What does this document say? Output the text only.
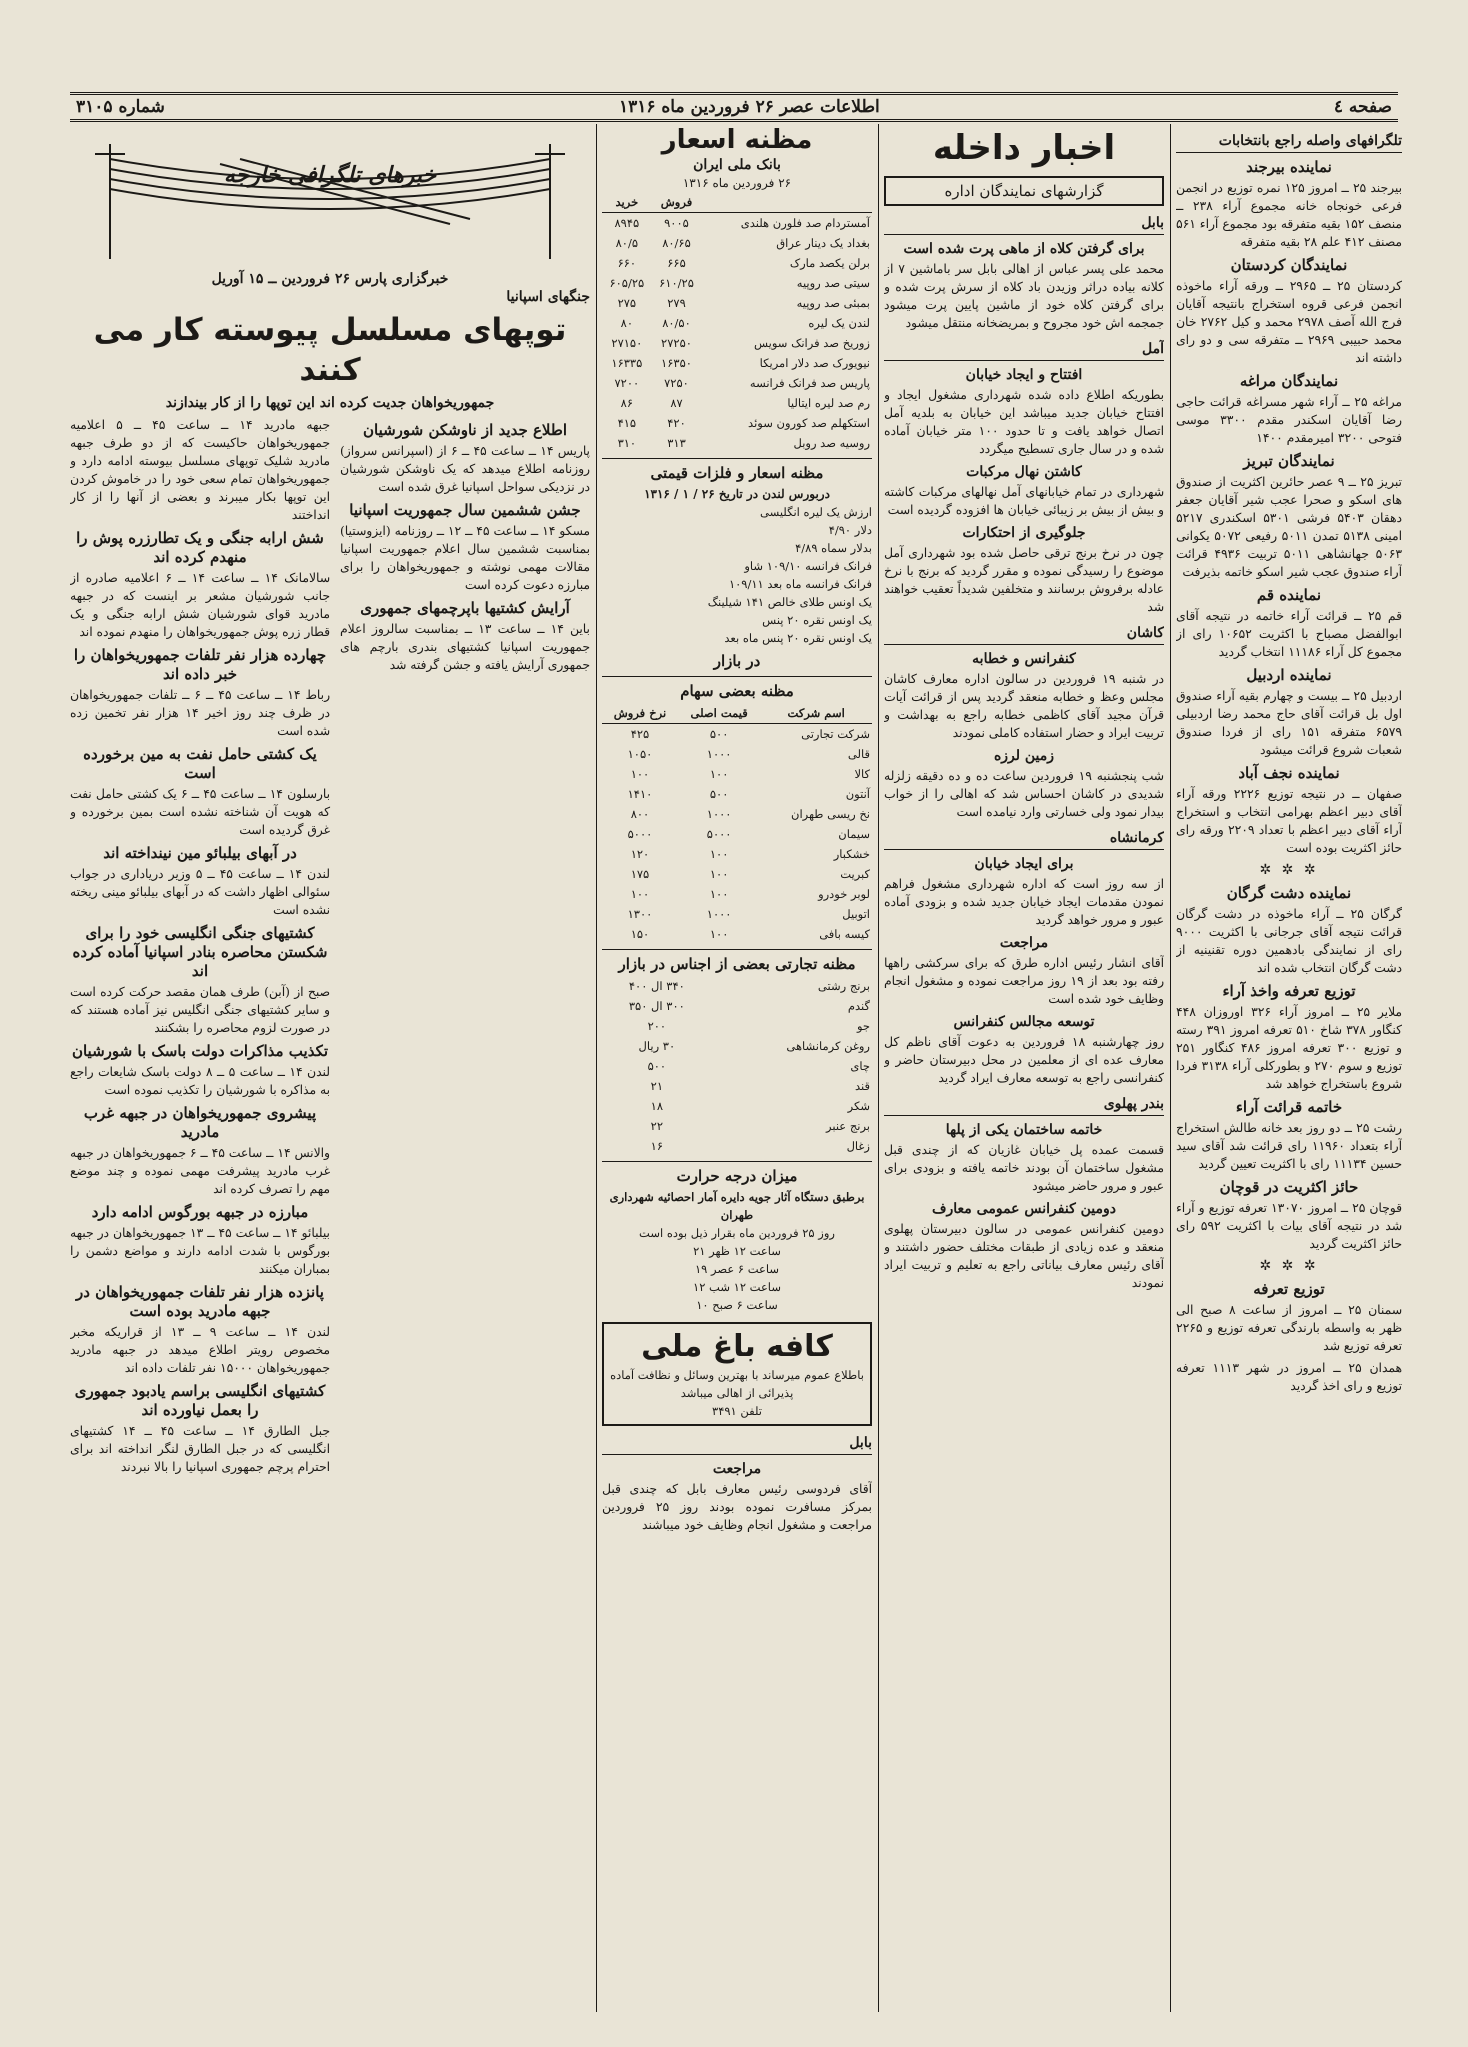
صفحه ٤
اطلاعات عصر ۲۶ فروردین ماه ۱۳۱۶
شماره ۳۱۰۵
تلگرافهای واصله راجع بانتخابات
نماینده بیرجند

بیرجند ۲۵ ــ امروز ۱۲۵ نمره توزیع در انجمن فرعی خونجاه خانه مجموع آراء ۲۳۸ ــ منصف ۱۵۲ بقیه متفرقه بود مجموع آراء ۵۶۱ مصنف ۴۱۲ علم ۲۸ بقیه متفرقه

نمایندگان کردستان

کردستان ۲۵ ــ ۲۹۶۵ ــ ورقه آراء ماخوذه انجمن فرعی قروه استخراج بانتیجه آقایان فرج الله آصف ۲۹۷۸ محمد و کیل ۲۷۶۲ خان محمد حبیبی ۲۹۶۹ ــ متفرقه سی و دو رای داشته اند

نمایندگان مراغه

مراغه ۲۵ ــ آراء شهر مسراغه قرائت حاجی رضا آقایان اسکندر مقدم ۳۳۰۰ موسی فتوحی ۳۲۰۰ امیرمقدم ۱۴۰۰

نمایندگان تبریز

تبریز ۲۵ ــ ۹ عصر حائرین اکثریت از صندوق های اسکو و صحرا عجب شیر آقایان جعفر دهقان ۵۴۰۳ فرشی ۵۳۰۱ اسکندری ۵۲۱۷ امینی ۵۱۳۸ تمدن ۵۰۱۱ رفیعی ۵۰۷۲ یکوانی ۵۰۶۳ جهانشاهی ۵۰۱۱ تربیت ۴۹۳۶ قرائت آراء صندوق عجب شیر اسکو خاتمه بذیرفت

نماینده قم

قم ۲۵ ــ قرائت آراء خاتمه در نتیجه آقای ابوالفضل مصباح با اکثریت ۱۰۶۵۲ رای از مجموع کل آراء ۱۱۱۸۶ انتخاب گردید

نماینده اردبیل

اردبیل ۲۵ ــ بیست و چهارم بقیه آراء صندوق اول بل قرائت آقای حاج محمد رضا اردبیلی ۶۵۷۹ متفرقه ۱۵۱ رای از فردا صندوق شعبات شروع قرائت میشود

نماینده نجف آباد

صفهان ــ در نتیجه توزیع ۲۲۲۶ ورقه آراء آقای دبیر اعظم بهرامی انتخاب و استخراج آراء آقای دبیر اعظم با تعداد ۲۲۰۹ ورقه رای حائز اکثریت بوده است

✲ ✲ ✲
نماینده دشت گرگان

گرگان ۲۵ ــ آراء ماخوذه در دشت گرگان قرائت نتیجه آقای جرجانی با اکثریت ۹۰۰۰ رای از نمایندگی بادهمین دوره تقنینیه از دشت گرگان انتخاب شده اند

توزیع تعرفه واخذ آراء

ملایر ۲۵ ــ امروز آراء ۳۲۶ اوروزان ۴۴۸ کنگاور ۳۷۸ شاخ ۵۱۰ تعرفه امروز ۳۹۱ رسته و توزیع ۳۰۰ تعرفه امروز ۴۸۶ کنگاور ۲۵۱ توزیع و سوم ۲۷۰ و بطورکلی آراء ۳۱۳۸ فردا شروع باستخراج خواهد شد

خاتمه قرائت آراء

رشت ۲۵ ــ دو روز بعد خانه طالش استخراج آراء بتعداد ۱۱۹۶۰ رای قرائت شد آقای سید حسین ۱۱۱۳۴ رای با اکثریت تعیین گردید

حائز اکثریت در قوچان

قوچان ۲۵ ــ امروز ۱۳۰۷۰ تعرفه توزیع و آراء شد در نتیجه آقای بیات با اکثریت ۵۹۲ رای حائز اکثریت گردید

✲ ✲ ✲
توزیع تعرفه

سمنان ۲۵ ــ امروز از ساعت ۸ صبح الی ظهر به واسطه بارندگی تعرفه توزیع و ۲۲۶۵ تعرفه توزیع شد

همدان ۲۵ ــ امروز در شهر ۱۱۱۳ تعرفه توزیع و رای اخذ گردید

اخبار داخله
گزارشهای نمایندگان اداره
بابل
برای گرفتن کلاه از ماهی پرت شده است

محمد علی پسر عباس از اهالی بابل سر باماشین ۷ از کلانه بیاده دراثر وزیدن باد کلاه از سرش پرت شده و برای گرفتن کلاه خود از ماشین پایین پرت میشود جمجمه اش خود مجروح و بمریضخانه منتقل میشود

آمل
افتتاح و ایجاد خیابان

بطوریکه اطلاع داده شده شهرداری مشغول ایجاد و افتتاح خیابان جدید میباشد این خیابان به بلدیه آمل اتصال خواهد یافت و تا حدود ۱۰۰ متر خیابان آماده شده و در سال جاری تسطیح میگردد

کاشتن نهال مرکبات

شهرداری در تمام خیابانهای آمل نهالهای مرکبات کاشته و بیش از بیش بر زیبائی خیابان ها افزوده گردیده است

جلوگیری از احتکارات

چون در نرخ برنج ترقی حاصل شده بود شهرداری آمل موضوع را رسیدگی نموده و مقرر گردید که برنج با نرخ عادله برفروش برسانند و متخلفین شدیداً تعقیب خواهند شد

کاشان
کنفرانس و خطابه

در شنبه ۱۹ فروردین در سالون اداره معارف کاشان مجلس وعظ و خطابه منعقد گردید پس از قرائت آیات قرآن مجید آقای کاظمی خطابه راجع به بهداشت و تربیت ایراد و حضار استفاده کاملی نمودند

زمین لرزه

شب پنجشنبه ۱۹ فروردین ساعت ده و ده دقیقه زلزله شدیدی در کاشان احساس شد که اهالی را از خواب بیدار نمود ولی خسارتی وارد نیامده است

کرمانشاه
برای ایجاد خیابان

از سه روز است که اداره شهرداری مشغول فراهم نمودن مقدمات ایجاد خیابان جدید شده و بزودی آماده عبور و مرور خواهد گردید

مراجعت

آقای انشار رئیس اداره طرق که برای سرکشی راهها رفته بود بعد از ۱۹ روز مراجعت نموده و مشغول انجام وظایف خود شده است

توسعه مجالس کنفرانس

روز چهارشنبه ۱۸ فروردین به دعوت آقای ناظم کل معارف عده ای از معلمین در محل دبیرستان حاضر و کنفرانسی راجع به توسعه معارف ایراد گردید

بندر پهلوی
خاتمه ساختمان یکی از پلها

قسمت عمده پل خیابان غازیان که از چندی قبل مشغول ساختمان آن بودند خاتمه یافته و بزودی برای عبور و مرور حاضر میشود

دومین کنفرانس عمومی معارف

دومین کنفرانس عمومی در سالون دبیرستان پهلوی منعقد و عده زیادی از طبقات مختلف حضور داشتند و آقای رئیس معارف بیاناتی راجع به تعلیم و تربیت ایراد نمودند

مظنه اسعار
بانک ملی ایران
۲۶ فروردین ماه ۱۳۱۶
	فروش	خرید
آمستردام صد فلورن هلندی	۹۰۰۵	۸۹۴۵
بغداد یک دینار عراق	۸۰/۶۵	۸۰/۵
برلن یکصد مارک	۶۶۵	۶۶۰
سیتی صد روپیه	۶۱۰/۲۵	۶۰۵/۲۵
بمبئی صد روپیه	۲۷۹	۲۷۵
لندن یک لیره	۸۰/۵۰	۸۰
زوریخ صد فرانک سویس	۲۷۲۵۰	۲۷۱۵۰
نیویورک صد دلار امریکا	۱۶۳۵۰	۱۶۳۳۵
پاریس صد فرانک فرانسه	۷۲۵۰	۷۲۰۰
رم صد لیره ایتالیا	۸۷	۸۶
استکهلم صد کورون سوئد	۴۲۰	۴۱۵
روسیه صد روبل	۳۱۳	۳۱۰
مظنه اسعار و فلزات قیمتی
دربورس لندن در تاریخ ۲۶ / ۱ / ۱۳۱۶
ارزش یک لیره انگلیسی
دلار ۴/۹۰
بدلار سماه ۴/۸۹
فرانک فرانسه ۱۰۹/۱۰ شاو
فرانک فرانسه ماه بعد ۱۰۹/۱۱
یک اونس طلای خالص ۱۴۱ شیلینگ
یک اونس نقره ۲۰ پنس
یک اونس نقره ۲۰ پنس ماه بعد
در بازار
مظنه بعضی سهام
اسم شرکت	قیمت اصلی	نرخ فروش
شرکت تجارتی	۵۰۰	۴۲۵
قالی	۱۰۰۰	۱۰۵۰
کالا	۱۰۰	۱۰۰
آنتون	۵۰۰	۱۴۱۰
نخ ریسی طهران	۱۰۰۰	۸۰۰
سیمان	۵۰۰۰	۵۰۰۰
خشکبار	۱۰۰	۱۲۰
کبریت	۱۰۰	۱۷۵
لوبر خودرو	۱۰۰	۱۰۰
اتوبیل	۱۰۰۰	۱۳۰۰
کیسه بافی	۱۰۰	۱۵۰
مظنه تجارتی بعضی از اجناس در بازار
برنج رشتی	۳۴۰ ال ۴۰۰
گندم	۳۰۰ ال ۳۵۰
جو	۲۰۰
روغن کرمانشاهی	۳۰ ریال
چای	۵۰۰
قند	۲۱
شکر	۱۸
برنج عنبر	۲۲
زغال	۱۶
میزان درجه حرارت
برطبق دستگاه آثار جویه دایره آمار احصائیه شهرداری طهران
روز ۲۵ فروردین ماه بقرار ذیل بوده است
ساعت ۱۲ ظهر ۲۱
ساعت ۶ عصر ۱۹
ساعت ۱۲ شب ۱۲
ساعت ۶ صبح ۱۰
کافه باغ ملی
باطلاع عموم میرساند با بهترین وسائل و نظافت آماده پذیرائی از اهالی میباشد
تلفن ۳۴۹۱
بابل
مراجعت

آقای فردوسی رئیس معارف بابل که چندی قبل بمرکز مسافرت نموده بودند روز ۲۵ فروردین مراجعت و مشغول انجام وظایف خود میباشند

خبرهای تلگرافی خارجه
خبرگزاری پارس ۲۶ فروردین ــ ۱۵ آوریل
جنگهای اسپانیا
توپهای مسلسل پیوسته کار می کنند
جمهوریخواهان جدیت کرده اند این توپها را از کار بیندازند

جبهه مادرید ۱۴ ــ ساعت ۴۵ ــ ۵ اعلامیه جمهوریخواهان حاکیست که از دو طرف جبهه مادرید شلیک توپهای مسلسل بیوسته ادامه دارد و جمهوریخواهان تمام سعی خود را در خاموش کردن این توپها بکار میبرند و بعضی از آنها را از کار انداختند

شش ارابه جنگی و یک تطارزره پوش را منهدم کرده اند

سالامانک ۱۴ ــ ساعت ۱۴ ــ ۶ اعلامیه صادره از جانب شورشیان مشعر بر اینست که در جبهه مادرید قوای شورشیان شش ارابه جنگی و یک قطار زره پوش جمهوریخواهان را منهدم نموده اند

چهارده هزار نفر تلفات جمهوریخواهان را خبر داده اند

رباط ۱۴ ــ ساعت ۴۵ ــ ۶ ــ تلفات جمهوریخواهان در ظرف چند روز اخیر ۱۴ هزار نفر تخمین زده شده است

یک کشتی حامل نفت به مین برخورده است

بارسلون ۱۴ ــ ساعت ۴۵ ــ ۶ یک کشتی حامل نفت که هویت آن شناخته نشده است بمین برخورده و غرق گردیده است

در آبهای بیلبائو مین نینداخته اند

لندن ۱۴ ــ ساعت ۴۵ ــ ۵ وزیر دریاداری در جواب سئوالی اظهار داشت که در آبهای بیلبائو مینی ریخته نشده است

کشتیهای جنگی انگلیسی خود را برای شکستن محاصره بنادر اسپانیا آماده کرده اند

صبح از (آبن) طرف همان مقصد حرکت کرده است و سایر کشتیهای جنگی انگلیس نیز آماده هستند که در صورت لزوم محاصره را بشکنند

تکذیب مذاکرات دولت باسک با شورشیان

لندن ۱۴ ــ ساعت ۵ ــ ۸ دولت باسک شایعات راجع به مذاکره با شورشیان را تکذیب نموده است

پیشروی جمهوریخواهان در جبهه غرب مادرید

والانس ۱۴ ــ ساعت ۴۵ ــ ۶ جمهوریخواهان در جبهه غرب مادرید پیشرفت مهمی نموده و چند موضع مهم را تصرف کرده اند

مبارزه در جبهه بورگوس ادامه دارد

بیلبائو ۱۴ ــ ساعت ۴۵ ــ ۱۳ جمهوریخواهان در جبهه بورگوس با شدت ادامه دارند و مواضع دشمن را بمباران میکنند

پانزده هزار نفر تلفات جمهوریخواهان در جبهه مادرید بوده است

لندن ۱۴ ــ ساعت ۹ ــ ۱۳ از قراریکه مخبر مخصوص رویتر اطلاع میدهد در جبهه مادرید جمهوریخواهان ۱۵۰۰۰ نفر تلفات داده اند

کشتیهای انگلیسی براسم یادبود جمهوری را بعمل نیاورده اند

جبل الطارق ۱۴ ــ ساعت ۴۵ ــ ۱۴ کشتیهای انگلیسی که در جبل الطارق لنگر انداخته اند برای احترام پرچم جمهوری اسپانیا را بالا نبردند

اطلاع جدید از ناوشکن شورشیان

پاریس ۱۴ ــ ساعت ۴۵ ــ ۶ از (اسپرانس سرواز) روزنامه اطلاع میدهد که یک ناوشکن شورشیان در نزدیکی سواحل اسپانیا غرق شده است

جشن ششمین سال جمهوریت اسپانیا

مسکو ۱۴ ــ ساعت ۴۵ ــ ۱۲ ــ روزنامه (ایزوستیا) بمناسبت ششمین سال اعلام جمهوریت اسپانیا مقالات مهمی نوشته و جمهوریخواهان را برای مبارزه دعوت کرده است

آرایش کشتیها باپرچمهای جمهوری

باین ۱۴ ــ ساعت ۱۳ ــ بمناسبت سالروز اعلام جمهوریت اسپانیا کشتیهای بندری بارچم های جمهوری آرایش یافته و جشن گرفته شد
